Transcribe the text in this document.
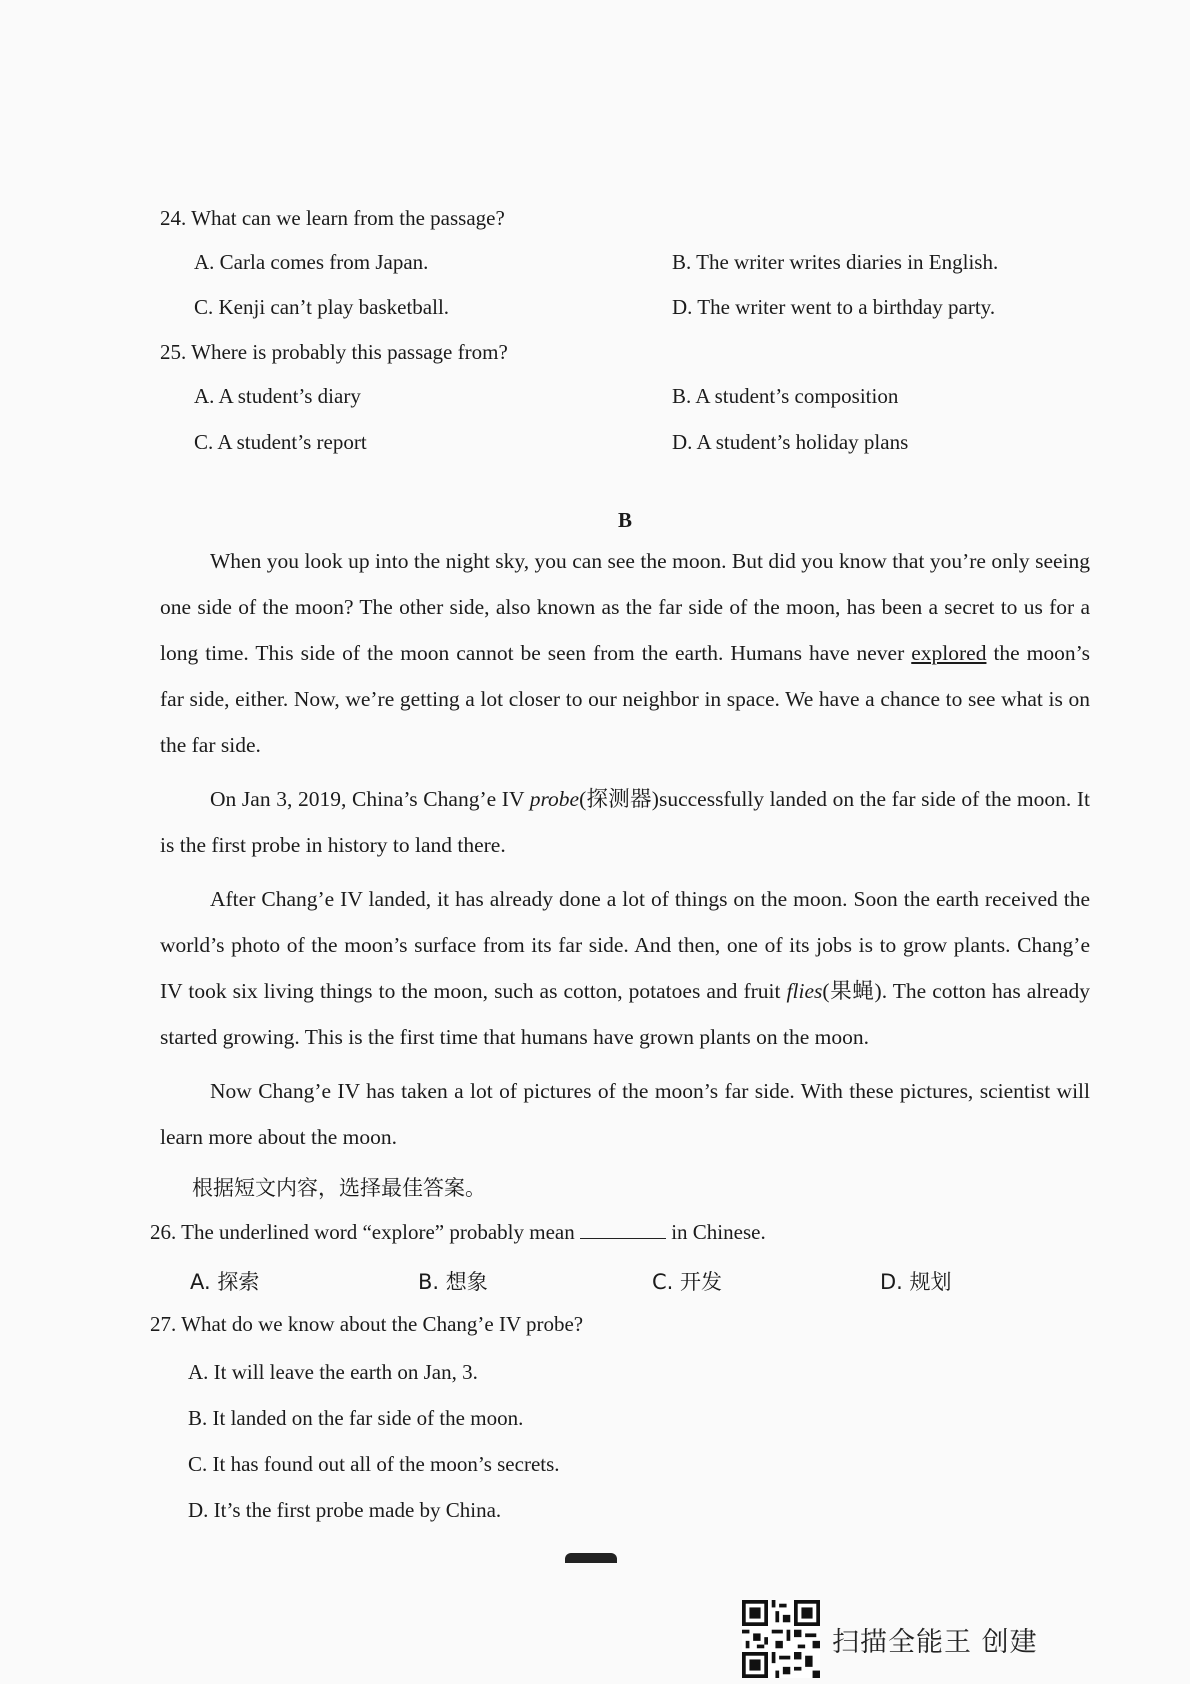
24. What can we learn from the passage?
A. Carla comes from Japan.	B. The writer writes diaries in English.
C. Kenji can’t play basketball.	D. The writer went to a birthday party.
25. Where is probably this passage from?
A. A student’s diary	B. A student’s composition
C. A student’s report	D. A student’s holiday plans
B

When you look up into the night sky, you can see the moon. But did you know that you’re only seeing one side of the moon? The other side, also known as the far side of the moon, has been a secret to us for a long time. This side of the moon cannot be seen from the earth. Humans have never explored the moon’s far side, either. Now, we’re getting a lot closer to our neighbor in space. We have a chance to see what is on the far side.

On Jan 3, 2019, China’s Chang’e IV probe(探测器)successfully landed on the far side of the moon. It is the first probe in history to land there.

After Chang’e IV landed, it has already done a lot of things on the moon. Soon the earth received the world’s photo of the moon’s surface from its far side. And then, one of its jobs is to grow plants. Chang’e IV took six living things to the moon, such as cotton, potatoes and fruit flies(果蝇). The cotton has already started growing. This is the first time that humans have grown plants on the moon.

Now Chang’e IV has taken a lot of pictures of the moon’s far side. With these pictures, scientist will learn more about the moon.

根据短文内容，选择最佳答案。
26. The underlined word “explore” probably mean	in Chinese.
A. 探索	B. 想象	C. 开发	D. 规划
27. What do we know about the Chang’e IV probe?
A. It will leave the earth on Jan, 3.
B. It landed on the far side of the moon.
C. It has found out all of the moon’s secrets.
D. It’s the first probe made by China.
扫描全能王 创建
